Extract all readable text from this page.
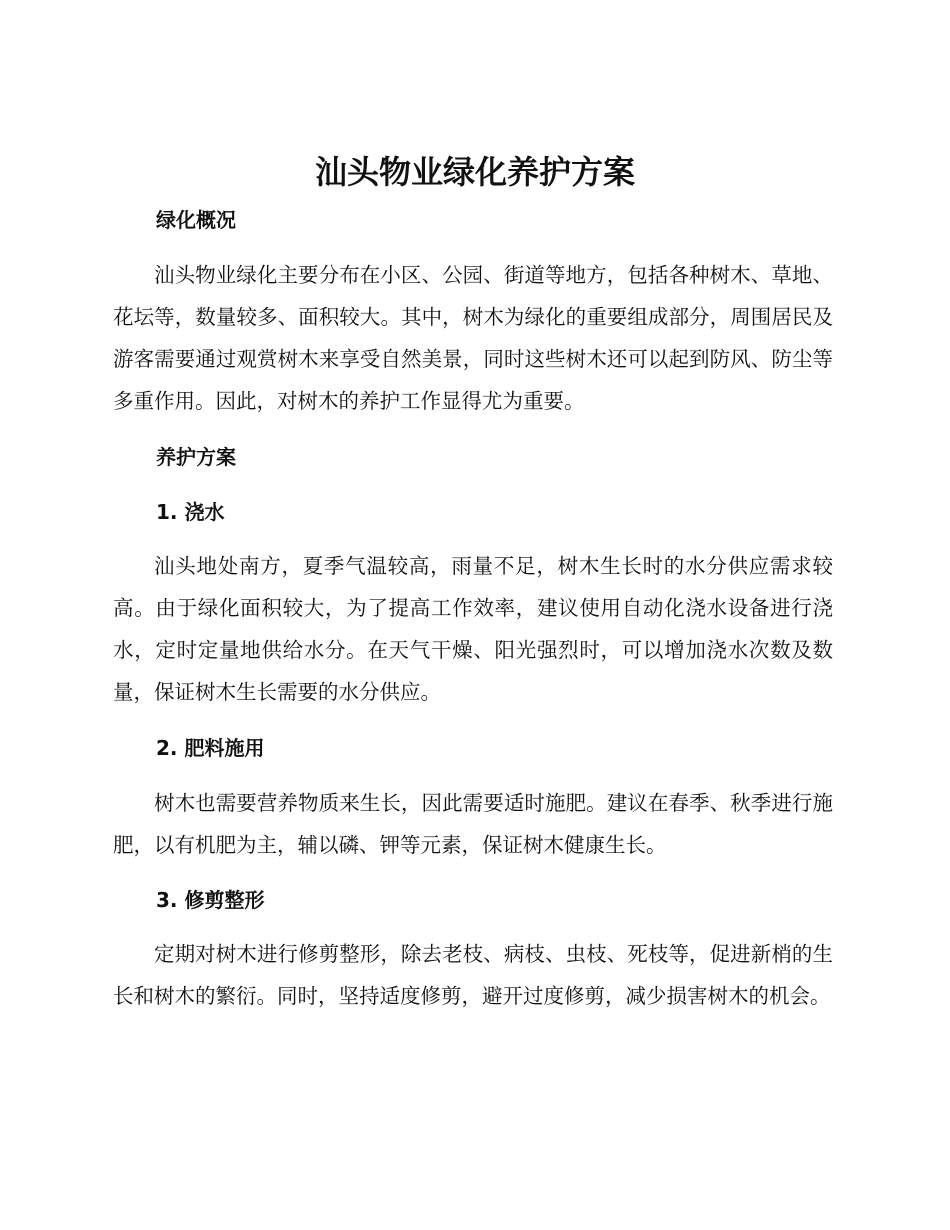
汕头物业绿化养护方案
绿化概况

汕头物业绿化主要分布在小区、公园、街道等地方，包括各种树木、草地、花坛等，数量较多、面积较大。其中，树木为绿化的重要组成部分，周围居民及游客需要通过观赏树木来享受自然美景，同时这些树木还可以起到防风、防尘等多重作用。因此，对树木的养护工作显得尤为重要。

养护方案
1. 浇水

汕头地处南方，夏季气温较高，雨量不足，树木生长时的水分供应需求较高。由于绿化面积较大，为了提高工作效率，建议使用自动化浇水设备进行浇水，定时定量地供给水分。在天气干燥、阳光强烈时，可以增加浇水次数及数量，保证树木生长需要的水分供应。

2. 肥料施用

树木也需要营养物质来生长，因此需要适时施肥。建议在春季、秋季进行施肥，以有机肥为主，辅以磷、钾等元素，保证树木健康生长。

3. 修剪整形

定期对树木进行修剪整形，除去老枝、病枝、虫枝、死枝等，促进新梢的生长和树木的繁衍。同时，坚持适度修剪，避开过度修剪，减少损害树木的机会。
